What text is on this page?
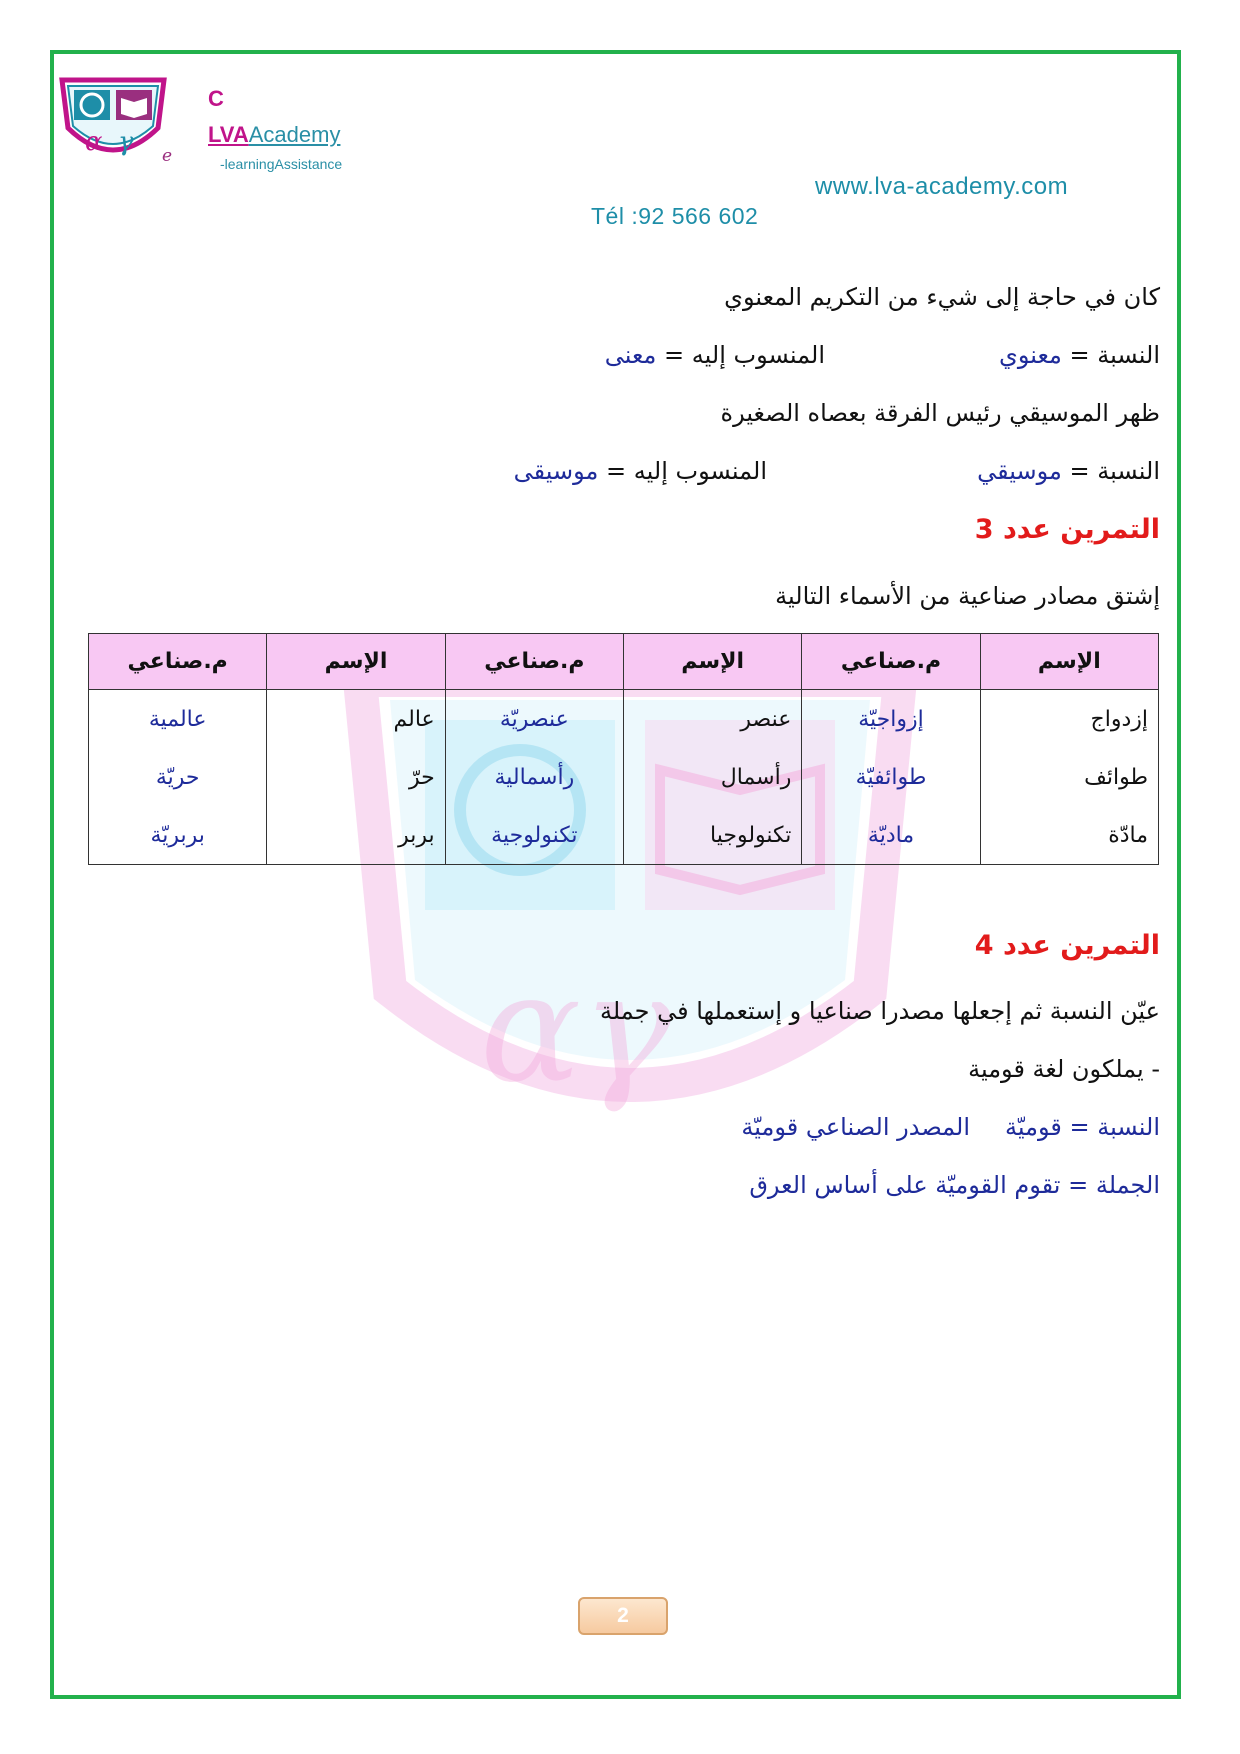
αγ
α γ e
C
LVAAcademy
-learningAssistance
www.lva-academy.com
Tél :92 566 602
كان في حاجة إلى شيء من التكريم المعنوي
النسبة = معنوي
المنسوب إليه = معنى
ظهر الموسيقي رئيس الفرقة بعصاه الصغيرة
النسبة = موسيقي
المنسوب إليه = موسيقى
التمرين عدد 3
إشتق مصادر صناعية من الأسماء التالية
الإسم	م.صناعي	الإسم	م.صناعي	الإسم	م.صناعي
إزدواج	إزواجيّة	عنصر	عنصريّة	عالم	عالمية
طوائف	طوائفيّة	رأسمال	رأسمالية	حرّ	حريّة
مادّة	ماديّة	تكنولوجيا	تكنولوجية	بربر	بربريّة
التمرين عدد 4
عيّن النسبة ثم إجعلها مصدرا صناعيا و إستعملها في جملة
- يملكون لغة قومية
النسبة = قوميّة
المصدر الصناعي قوميّة
الجملة = تقوم القوميّة على أساس العرق
2
